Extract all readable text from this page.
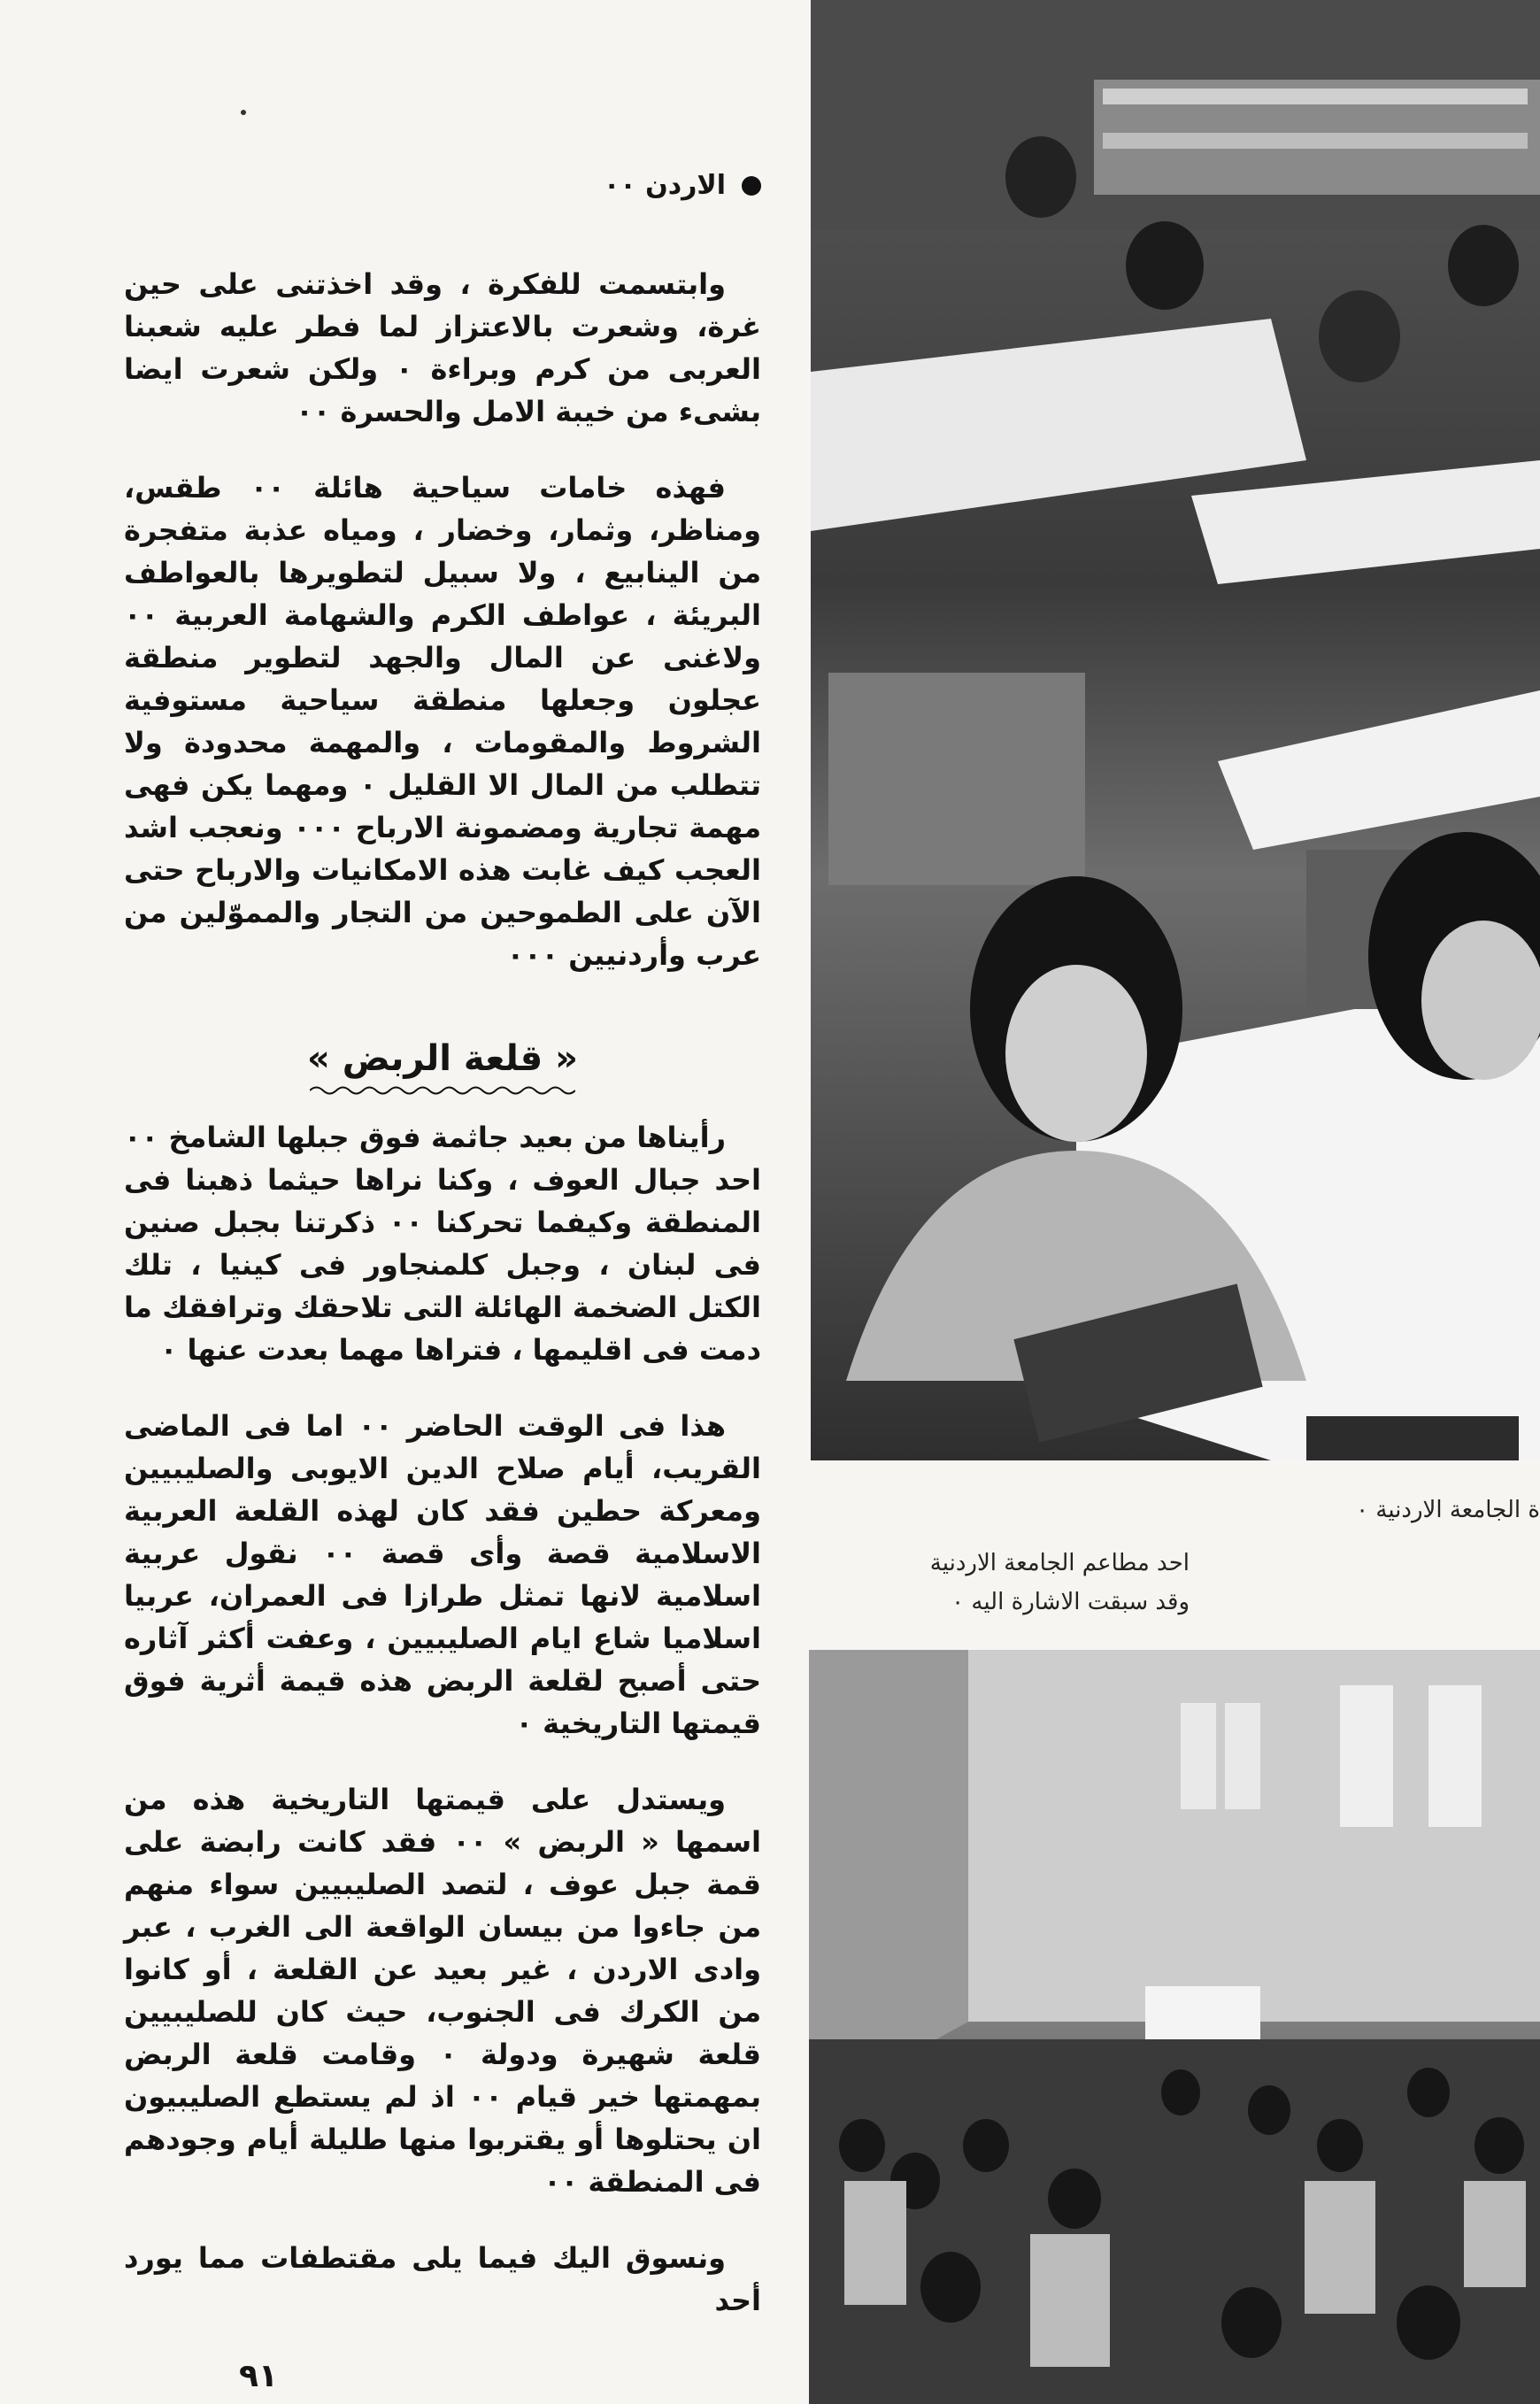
الاردن ٠٠

وابتسمت للفكرة ، وقد اخذتنى على حين غرة، وشعرت بالاعتزاز لما فطر عليه شعبنا العربى من كرم وبراءة ٠ ولكن شعرت ايضا بشىء من خيبة الامل والحسرة ٠٠

فهذه خامات سياحية هائلة ٠٠ طقس، ومناظر، وثمار، وخضار ، ومياه عذبة متفجرة من الينابيع ، ولا سبيل لتطويرها بالعواطف البريئة ، عواطف الكرم والشهامة العربية ٠٠ ولاغنى عن المال والجهد لتطوير منطقة عجلون وجعلها منطقة سياحية مستوفية الشروط والمقومات ، والمهمة محدودة ولا تتطلب من المال الا القليل ٠ ومهما يكن فهى مهمة تجارية ومضمونة الارباح ٠٠٠ ونعجب اشد العجب كيف غابت هذه الامكانيات والارباح حتى الآن على الطموحين من التجار والمموّلين من عرب وأردنيين ٠٠٠

« قلعة الربض »

رأيناها من بعيد جاثمة فوق جبلها الشامخ ٠٠ احد جبال العوف ، وكنا نراها حيثما ذهبنا فى المنطقة وكيفما تحركنا ٠٠ ذكرتنا بجبل صنين فى لبنان ، وجبل كلمنجاور فى كينيا ، تلك الكتل الضخمة الهائلة التى تلاحقك وترافقك ما دمت فى اقليمها ، فتراها مهما بعدت عنها ٠

هذا فى الوقت الحاضر ٠٠ اما فى الماضى القريب، أيام صلاح الدين الايوبى والصليبيين ومعركة حطين فقد كان لهذه القلعة العربية الاسلامية قصة وأى قصة ٠٠ نقول عربية اسلامية لانها تمثل طرازا فى العمران، عربيا اسلاميا شاع ايام الصليبيين ، وعفت أكثر آثاره حتى أصبح لقلعة الربض هذه قيمة أثرية فوق قيمتها التاريخية ٠

ويستدل على قيمتها التاريخية هذه من اسمها « الربض » ٠٠ فقد كانت رابضة على قمة جبل عوف ، لتصد الصليبيين سواء منهم من جاءوا من بيسان الواقعة الى الغرب ، عبر وادى الاردن ، غير بعيد عن القلعة ، أو كانوا من الكرك فى الجنوب، حيث كان للصليبيين قلعة شهيرة ودولة ٠ وقامت قلعة الربض بمهمتها خير قيام ٠٠ اذ لم يستطع الصليبيون ان يحتلوها أو يقتربوا منها طليلة أيام وجودهم فى المنطقة ٠٠

ونسوق اليك فيما يلى مقتطفات مما يورد أحد

٩١
ة الجامعة الاردنية ٠
احد مطاعم الجامعة الاردنية
وقد سبقت الاشارة اليه ٠
